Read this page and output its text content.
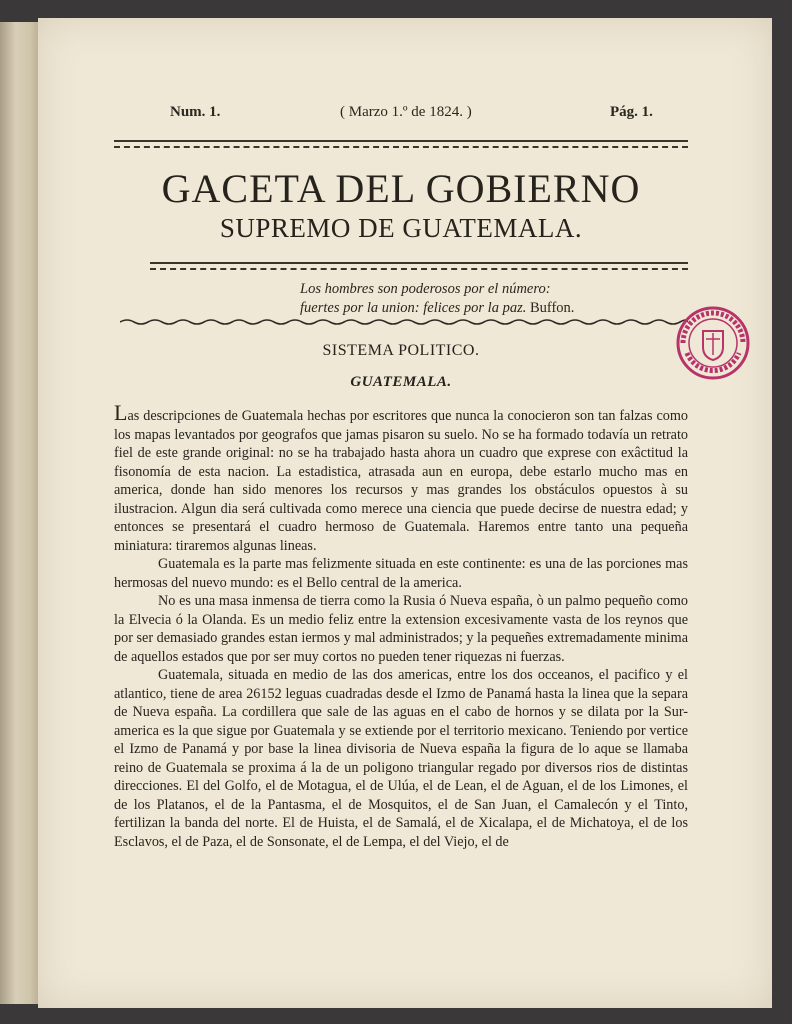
Num. 1.	( Marzo 1.º de 1824. )	Pág. 1.
GACETA DEL GOBIERNO
SUPREMO DE GUATEMALA.
Los hombres son poderosos por el número:
fuertes por la union: felices por la paz. Buffon.
SISTEMA POLITICO.
GUATEMALA.

Las descripciones de Guatemala hechas por escritores que nunca la conocieron son tan falzas como los mapas levantados por geografos que jamas pisaron su suelo. No se ha formado todavía un retrato fiel de este grande original: no se ha trabajado hasta ahora un cuadro que exprese con exâctitud la fisonomía de esta nacion. La estadistica, atrasada aun en europa, debe estarlo mucho mas en america, donde han sido menores los recursos y mas grandes los obstáculos opuestos à su ilustracion. Algun dia será cultivada como merece una ciencia que puede decirse de nuestra edad; y entonces se presentará el cuadro hermoso de Guatemala. Haremos entre tanto una pequeña miniatura: tiraremos algunas lineas.

Guatemala es la parte mas felizmente situada en este continente: es una de las porciones mas hermosas del nuevo mundo: es el Bello central de la america.

No es una masa inmensa de tierra como la Rusia ó Nueva españa, ò un palmo pequeño como la Elvecia ó la Olanda. Es un medio feliz entre la extension excesivamente vasta de los reynos que por ser demasiado grandes estan iermos y mal administrados; y la pequeñes extremadamente minima de aquellos estados que por ser muy cortos no pueden tener riquezas ni fuerzas.

Guatemala, situada en medio de las dos americas, entre los dos occeanos, el pacifico y el atlantico, tiene de area 26152 leguas cuadradas desde el Izmo de Panamá hasta la linea que la separa de Nueva españa. La cordillera que sale de las aguas en el cabo de hornos y se dilata por la Sur-america es la que sigue por Guatemala y se extiende por el territorio mexicano. Teniendo por vertice el Izmo de Panamá y por base la linea divisoria de Nueva españa la figura de lo aque se llamaba reino de Guatemala se proxima á la de un poligono triangular regado por diversos rios de distintas direcciones. El del Golfo, el de Motagua, el de Ulúa, el de Lean, el de Aguan, el de los Limones, el de los Platanos, el de la Pantasma, el de Mosquitos, el de San Juan, el Camalecón y el Tinto, fertilizan la banda del norte. El de Huista, el de Samalá, el de Xicalapa, el de Michatoya, el de los Esclavos, el de Paza, el de Sonsonate, el de Lempa, el del Viejo, el de
